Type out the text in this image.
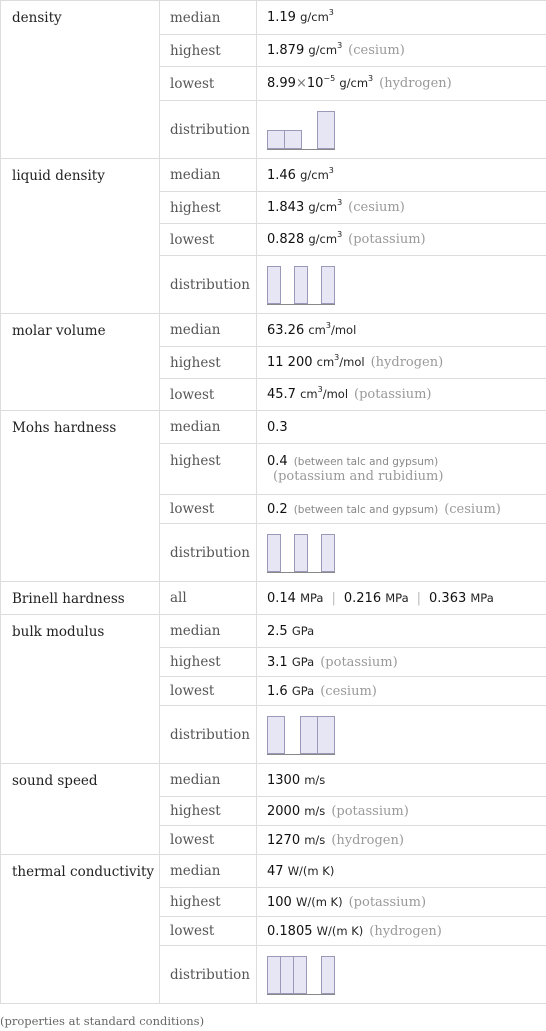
density	median	1.19 $g/cm^3$
	highest	1.879 $g/cm^3$ (cesium)
	lowest	$8.99\times 10^{-5}$ $g/cm^3$ (hydrogen)
	distribution	

liquid density	median	1.46 $g/cm^3$
	highest	1.843 $g/cm^3$ (cesium)
	lowest	0.828 $g/cm^3$ (potassium)
	distribution	

molar volume	median	63.26 $cm^3$/mol
	highest	11 200 $cm^3$/mol (hydrogen)
	lowest	45.7 $cm^3$/mol (potassium)
Mohs hardness	median	0.3
	highest	0.4 (between talc and gypsum)
(potassium and rubidium)
	lowest	0.2 (between talc and gypsum) (cesium)
	distribution	

Brinell hardness	all	0.14 MPa | 0.216 MPa | 0.363 MPa
bulk modulus	median	2.5 GPa
	highest	3.1 GPa (potassium)
	lowest	1.6 GPa (cesium)
	distribution	

sound speed	median	1300 m/s
	highest	2000 m/s (potassium)
	lowest	1270 m/s (hydrogen)
thermal conductivity	median	47 W/(m K)
	highest	100 W/(m K) (potassium)
	lowest	0.1805 W/(m K) (hydrogen)
	distribution	
(properties at standard conditions)
